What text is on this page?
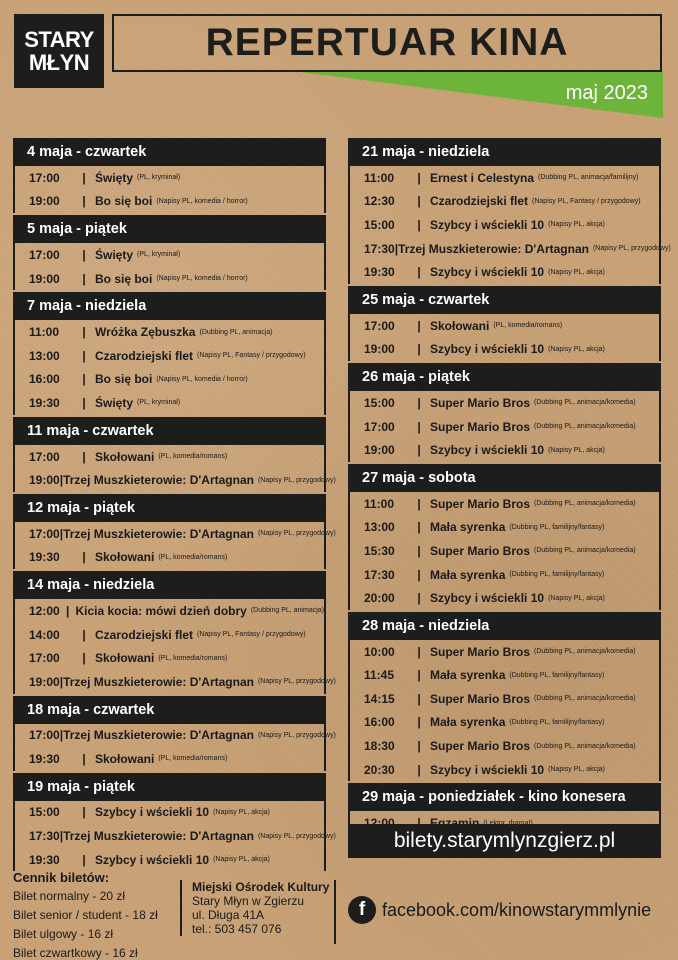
STARY
MŁYN	REPERTUAR KINA
maj 2023
4 maja - czwartek
17:00	| Święty (PL, kryminał)
19:00	| Bo się boi (Napisy PL, komedia / horror)
5 maja - piątek
17:00	| Święty (PL, kryminał)
19:00	| Bo się boi (Napisy PL, komedia / horror)
7 maja - niedziela
11:00	| Wróżka Zębuszka (Dubbing PL, animacja)
13:00	| Czarodziejski flet (Napisy PL, Fantasy / przygodowy)
16:00	| Bo się boi (Napisy PL, komedia / horror)
19:30	| Święty (PL, kryminał)
11 maja - czwartek
17:00	| Skołowani (PL, komedia/romans)
19:00 | Trzej Muszkieterowie: D'Artagnan (Napisy PL, przygodowy)
12 maja - piątek
17:00 | Trzej Muszkieterowie: D'Artagnan (Napisy PL, przygodowy)
19:30	| Skołowani (PL, komedia/romans)
14 maja - niedziela
12:00 | Kicia kocia: mówi dzień dobry (Dubbing PL, animacja)
14:00	| Czarodziejski flet (Napisy PL, Fantasy / przygodowy)
17:00	| Skołowani (PL, komedia/romans)
19:00 | Trzej Muszkieterowie: D'Artagnan (Napisy PL, przygodowy)
18 maja - czwartek
17:00 | Trzej Muszkieterowie: D'Artagnan (Napisy PL, przygodowy)
19:30	| Skołowani (PL, komedia/romans)
19 maja - piątek
15:00	| Szybcy i wściekli 10 (Napisy PL, akcja)
17:30 | Trzej Muszkieterowie: D'Artagnan (Napisy PL, przygodowy)
19:30	| Szybcy i wściekli 10 (Napisy PL, akcja)
21 maja - niedziela
11:00	| Ernest i Celestyna (Dubbing PL, animacja/familijny)
12:30	| Czarodziejski flet (Napisy PL, Fantasy / przygodowy)
15:00	| Szybcy i wściekli 10 (Napisy PL, akcja)
17:30 | Trzej Muszkieterowie: D'Artagnan (Napisy PL, przygodowy)
19:30	| Szybcy i wściekli 10 (Napisy PL, akcja)
25 maja - czwartek
17:00	| Skołowani (PL, komedia/romans)
19:00	| Szybcy i wściekli 10 (Napisy PL, akcja)
26 maja - piątek
15:00	| Super Mario Bros (Dubbing PL, animacja/komedia)
17:00	| Super Mario Bros (Dubbing PL, animacja/komedia)
19:00	| Szybcy i wściekli 10 (Napisy PL, akcja)
27 maja - sobota
11:00	| Super Mario Bros (Dubbing PL, animacja/komedia)
13:00	| Mała syrenka (Dubbing PL, familijny/fantasy)
15:30	| Super Mario Bros (Dubbing PL, animacja/komedia)
17:30	| Mała syrenka (Dubbing PL, familijny/fantasy)
20:00	| Szybcy i wściekli 10 (Napisy PL, akcja)
28 maja - niedziela
10:00	| Super Mario Bros (Dubbing PL, animacja/komedia)
11:45	| Mała syrenka (Dubbing PL, familijny/fantasy)
14:15	| Super Mario Bros (Dubbing PL, animacja/komedia)
16:00	| Mała syrenka (Dubbing PL, familijny/fantasy)
18:30	| Super Mario Bros (Dubbing PL, animacja/komedia)
20:30	| Szybcy i wściekli 10 (Napisy PL, akcja)
29 maja - poniedziałek - kino konesera
bilety.starymlynzgierz.pl
Cennik biletów:
Bilet normalny - 20 zł
Bilet senior / student - 18 zł
Bilet ulgowy - 16 zł
Bilet czwartkowy - 16 zł
Miejski Ośrodek Kultury
Stary Młyn w Zgierzu
ul. Długa 41A
tel.: 503 457 076
f facebook.com/kinowstarymmlynie
